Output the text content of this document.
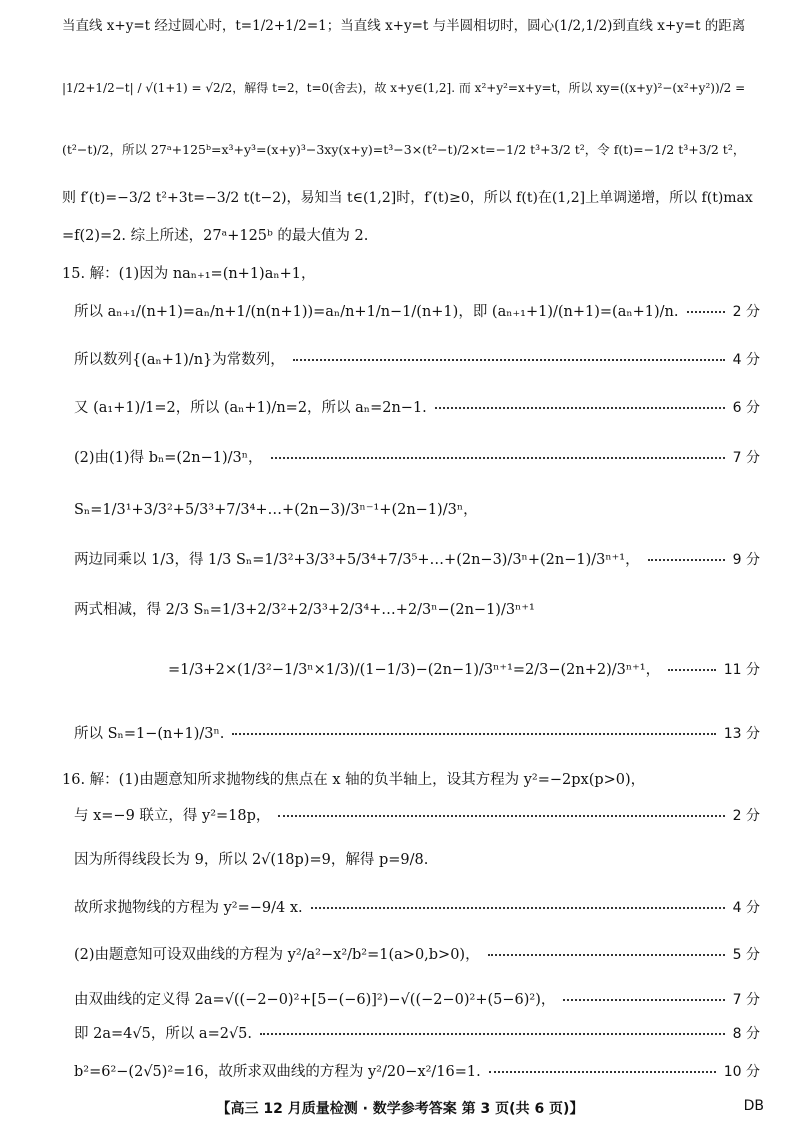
当直线 x+y=t 经过圆心时，t=1/2+1/2=1；当直线 x+y=t 与半圆相切时，圆心(1/2,1/2)到直线 x+y=t 的距离
|1/2+1/2−t| / √(1+1) = √2/2，解得 t=2，t=0(舍去)，故 x+y∈(1,2]. 而 x²+y²=x+y=t，所以 xy=((x+y)²−(x²+y²))/2 =
(t²−t)/2，所以 27ᵃ+125ᵇ=x³+y³=(x+y)³−3xy(x+y)=t³−3×(t²−t)/2×t=−1/2 t³+3/2 t²，令 f(t)=−1/2 t³+3/2 t²，
则 f′(t)=−3/2 t²+3t=−3/2 t(t−2)，易知当 t∈(1,2]时，f′(t)≥0，所以 f(t)在(1,2]上单调递增，所以 f(t)max
=f(2)=2. 综上所述，27ᵃ+125ᵇ 的最大值为 2.
15. 解：(1)因为 naₙ₊₁=(n+1)aₙ+1，
所以 aₙ₊₁/(n+1)=aₙ/n+1/(n(n+1))=aₙ/n+1/n−1/(n+1)，即 (aₙ₊₁+1)/(n+1)=(aₙ+1)/n.	2 分
所以数列{(aₙ+1)/n}为常数列，	4 分
又 (a₁+1)/1=2，所以 (aₙ+1)/n=2，所以 aₙ=2n−1.	6 分
(2)由(1)得 bₙ=(2n−1)/3ⁿ，	7 分
Sₙ=1/3¹+3/3²+5/3³+7/3⁴+…+(2n−3)/3ⁿ⁻¹+(2n−1)/3ⁿ，
两边同乘以 1/3，得 1/3 Sₙ=1/3²+3/3³+5/3⁴+7/3⁵+…+(2n−3)/3ⁿ+(2n−1)/3ⁿ⁺¹，	9 分
两式相减，得 2/3 Sₙ=1/3+2/3²+2/3³+2/3⁴+…+2/3ⁿ−(2n−1)/3ⁿ⁺¹
=1/3+2×(1/3²−1/3ⁿ×1/3)/(1−1/3)−(2n−1)/3ⁿ⁺¹=2/3−(2n+2)/3ⁿ⁺¹，	11 分
所以 Sₙ=1−(n+1)/3ⁿ.	13 分
16. 解：(1)由题意知所求抛物线的焦点在 x 轴的负半轴上，设其方程为 y²=−2px(p>0)，
与 x=−9 联立，得 y²=18p，	2 分
因为所得线段长为 9，所以 2√(18p)=9，解得 p=9/8.
故所求抛物线的方程为 y²=−9/4 x.	4 分
(2)由题意知可设双曲线的方程为 y²/a²−x²/b²=1(a>0,b>0)，	5 分
由双曲线的定义得 2a=√((−2−0)²+[5−(−6)]²)−√((−2−0)²+(5−6)²)，	7 分
即 2a=4√5，所以 a=2√5.	8 分
b²=6²−(2√5)²=16，故所求双曲线的方程为 y²/20−x²/16=1.	10 分
【高三 12 月质量检测 · 数学参考答案 第 3 页(共 6 页)】	DB
